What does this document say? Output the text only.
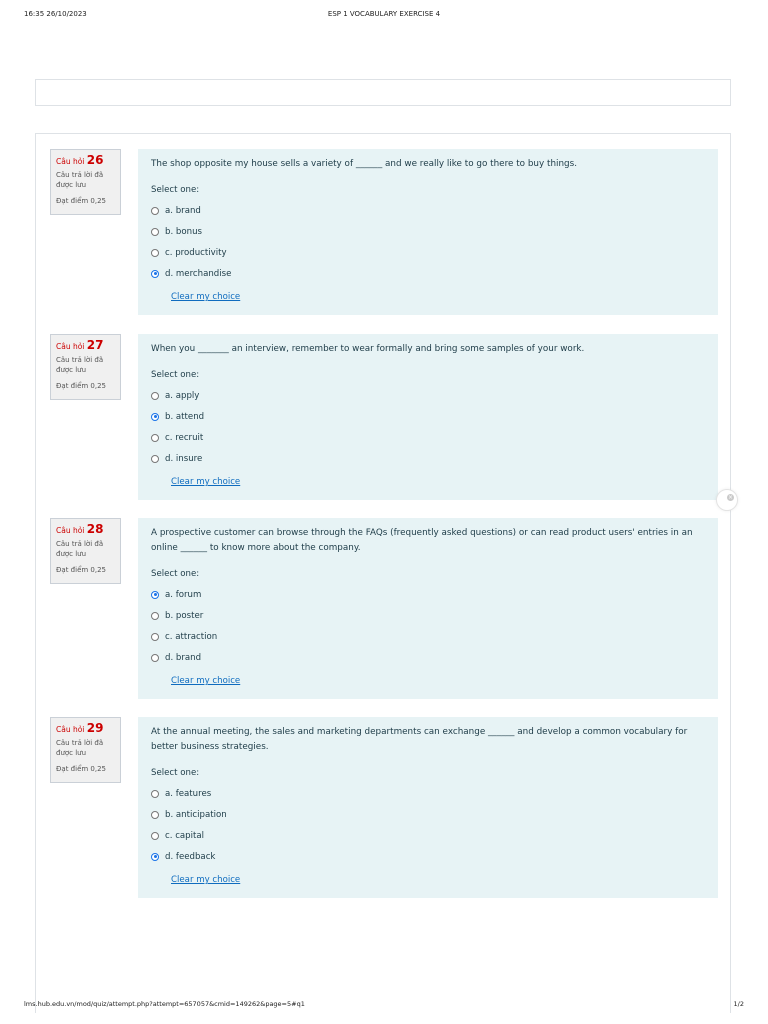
16:35 26/10/2023	ESP 1 VOCABULARY EXERCISE 4
Câu hỏi 26
Câu trả lời đã được lưu
Đạt điểm 0,25
The shop opposite my house sells a variety of ______ and we really like to go there to buy things.
Select one:
a. brand
b. bonus
c. productivity
d. merchandise
Clear my choice
Câu hỏi 27
Câu trả lời đã được lưu
Đạt điểm 0,25
When you _______ an interview, remember to wear formally and bring some samples of your work.
Select one:
a. apply
b. attend
c. recruit
d. insure
Clear my choice
Câu hỏi 28
Câu trả lời đã được lưu
Đạt điểm 0,25
A prospective customer can browse through the FAQs (frequently asked questions) or can read product users' entries in an online ______ to know more about the company.
Select one:
a. forum
b. poster
c. attraction
d. brand
Clear my choice
Câu hỏi 29
Câu trả lời đã được lưu
Đạt điểm 0,25
At the annual meeting, the sales and marketing departments can exchange ______ and develop a common vocabulary for better business strategies.
Select one:
a. features
b. anticipation
c. capital
d. feedback
Clear my choice
×
lms.hub.edu.vn/mod/quiz/attempt.php?attempt=657057&cmid=149262&page=5#q1	1/2
